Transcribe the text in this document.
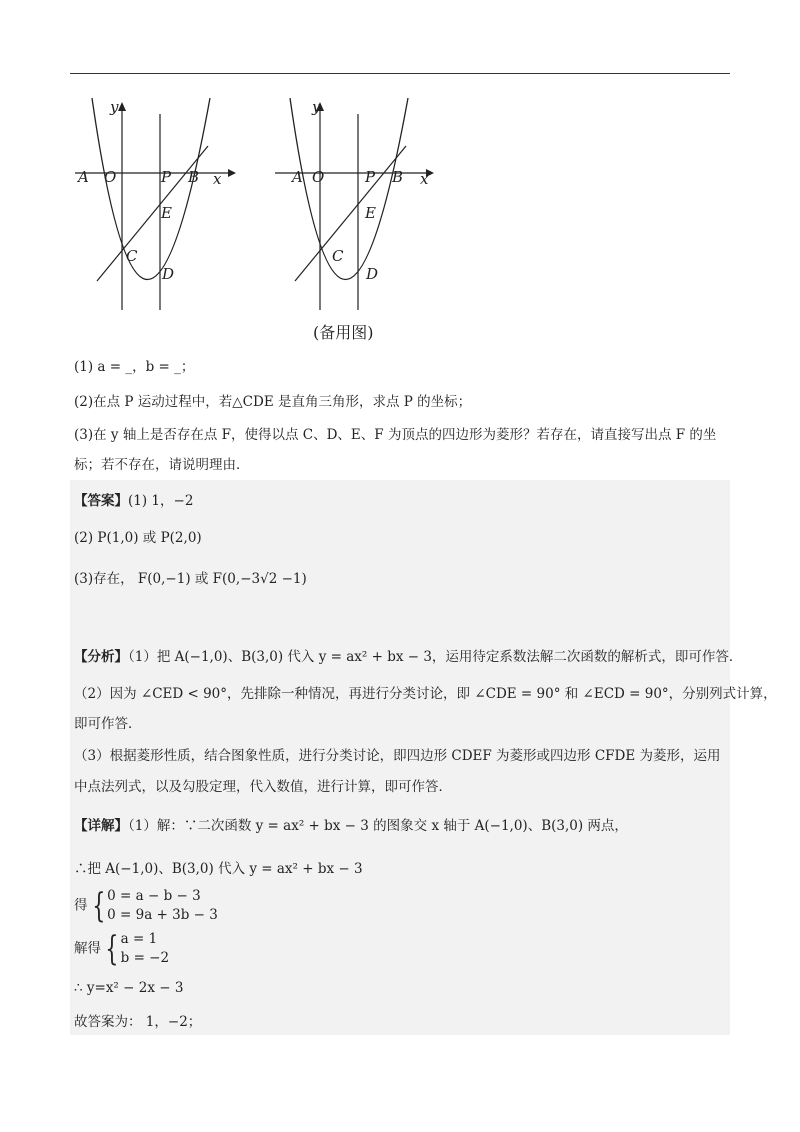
A O
y
P B x
E
C
D
A O
y
P B x
E
C
D
(备用图)
(1) a = _，b = _；
(2)在点 P 运动过程中，若△CDE 是直角三角形，求点 P 的坐标；
(3)在 y 轴上是否存在点 F，使得以点 C、D、E、F 为顶点的四边形为菱形？若存在，请直接写出点 F 的坐
标；若不存在，请说明理由．
【答案】(1) 1，−2
(2) P(1,0) 或 P(2,0)
(3)存在， F(0,−1) 或 F(0,−3√2 −1)
【分析】（1）把 A(−1,0)、B(3,0) 代入 y = ax² + bx − 3，运用待定系数法解二次函数的解析式，即可作答．
（2）因为 ∠CED < 90°，先排除一种情况，再进行分类讨论，即 ∠CDE = 90° 和 ∠ECD = 90°，分别列式计算，
即可作答．
（3）根据菱形性质，结合图象性质，进行分类讨论，即四边形 CDEF 为菱形或四边形 CFDE 为菱形，运用
中点法列式，以及勾股定理，代入数值，进行计算，即可作答．
【详解】（1）解：∵二次函数 y = ax² + bx − 3 的图象交 x 轴于 A(−1,0)、B(3,0) 两点，
∴把 A(−1,0)、B(3,0) 代入 y = ax² + bx − 3
得 { 0 = a − b − 3
0 = 9a + 3b − 3
解得 { a = 1
b = −2
∴ y=x² − 2x − 3
故答案为： 1，−2；
